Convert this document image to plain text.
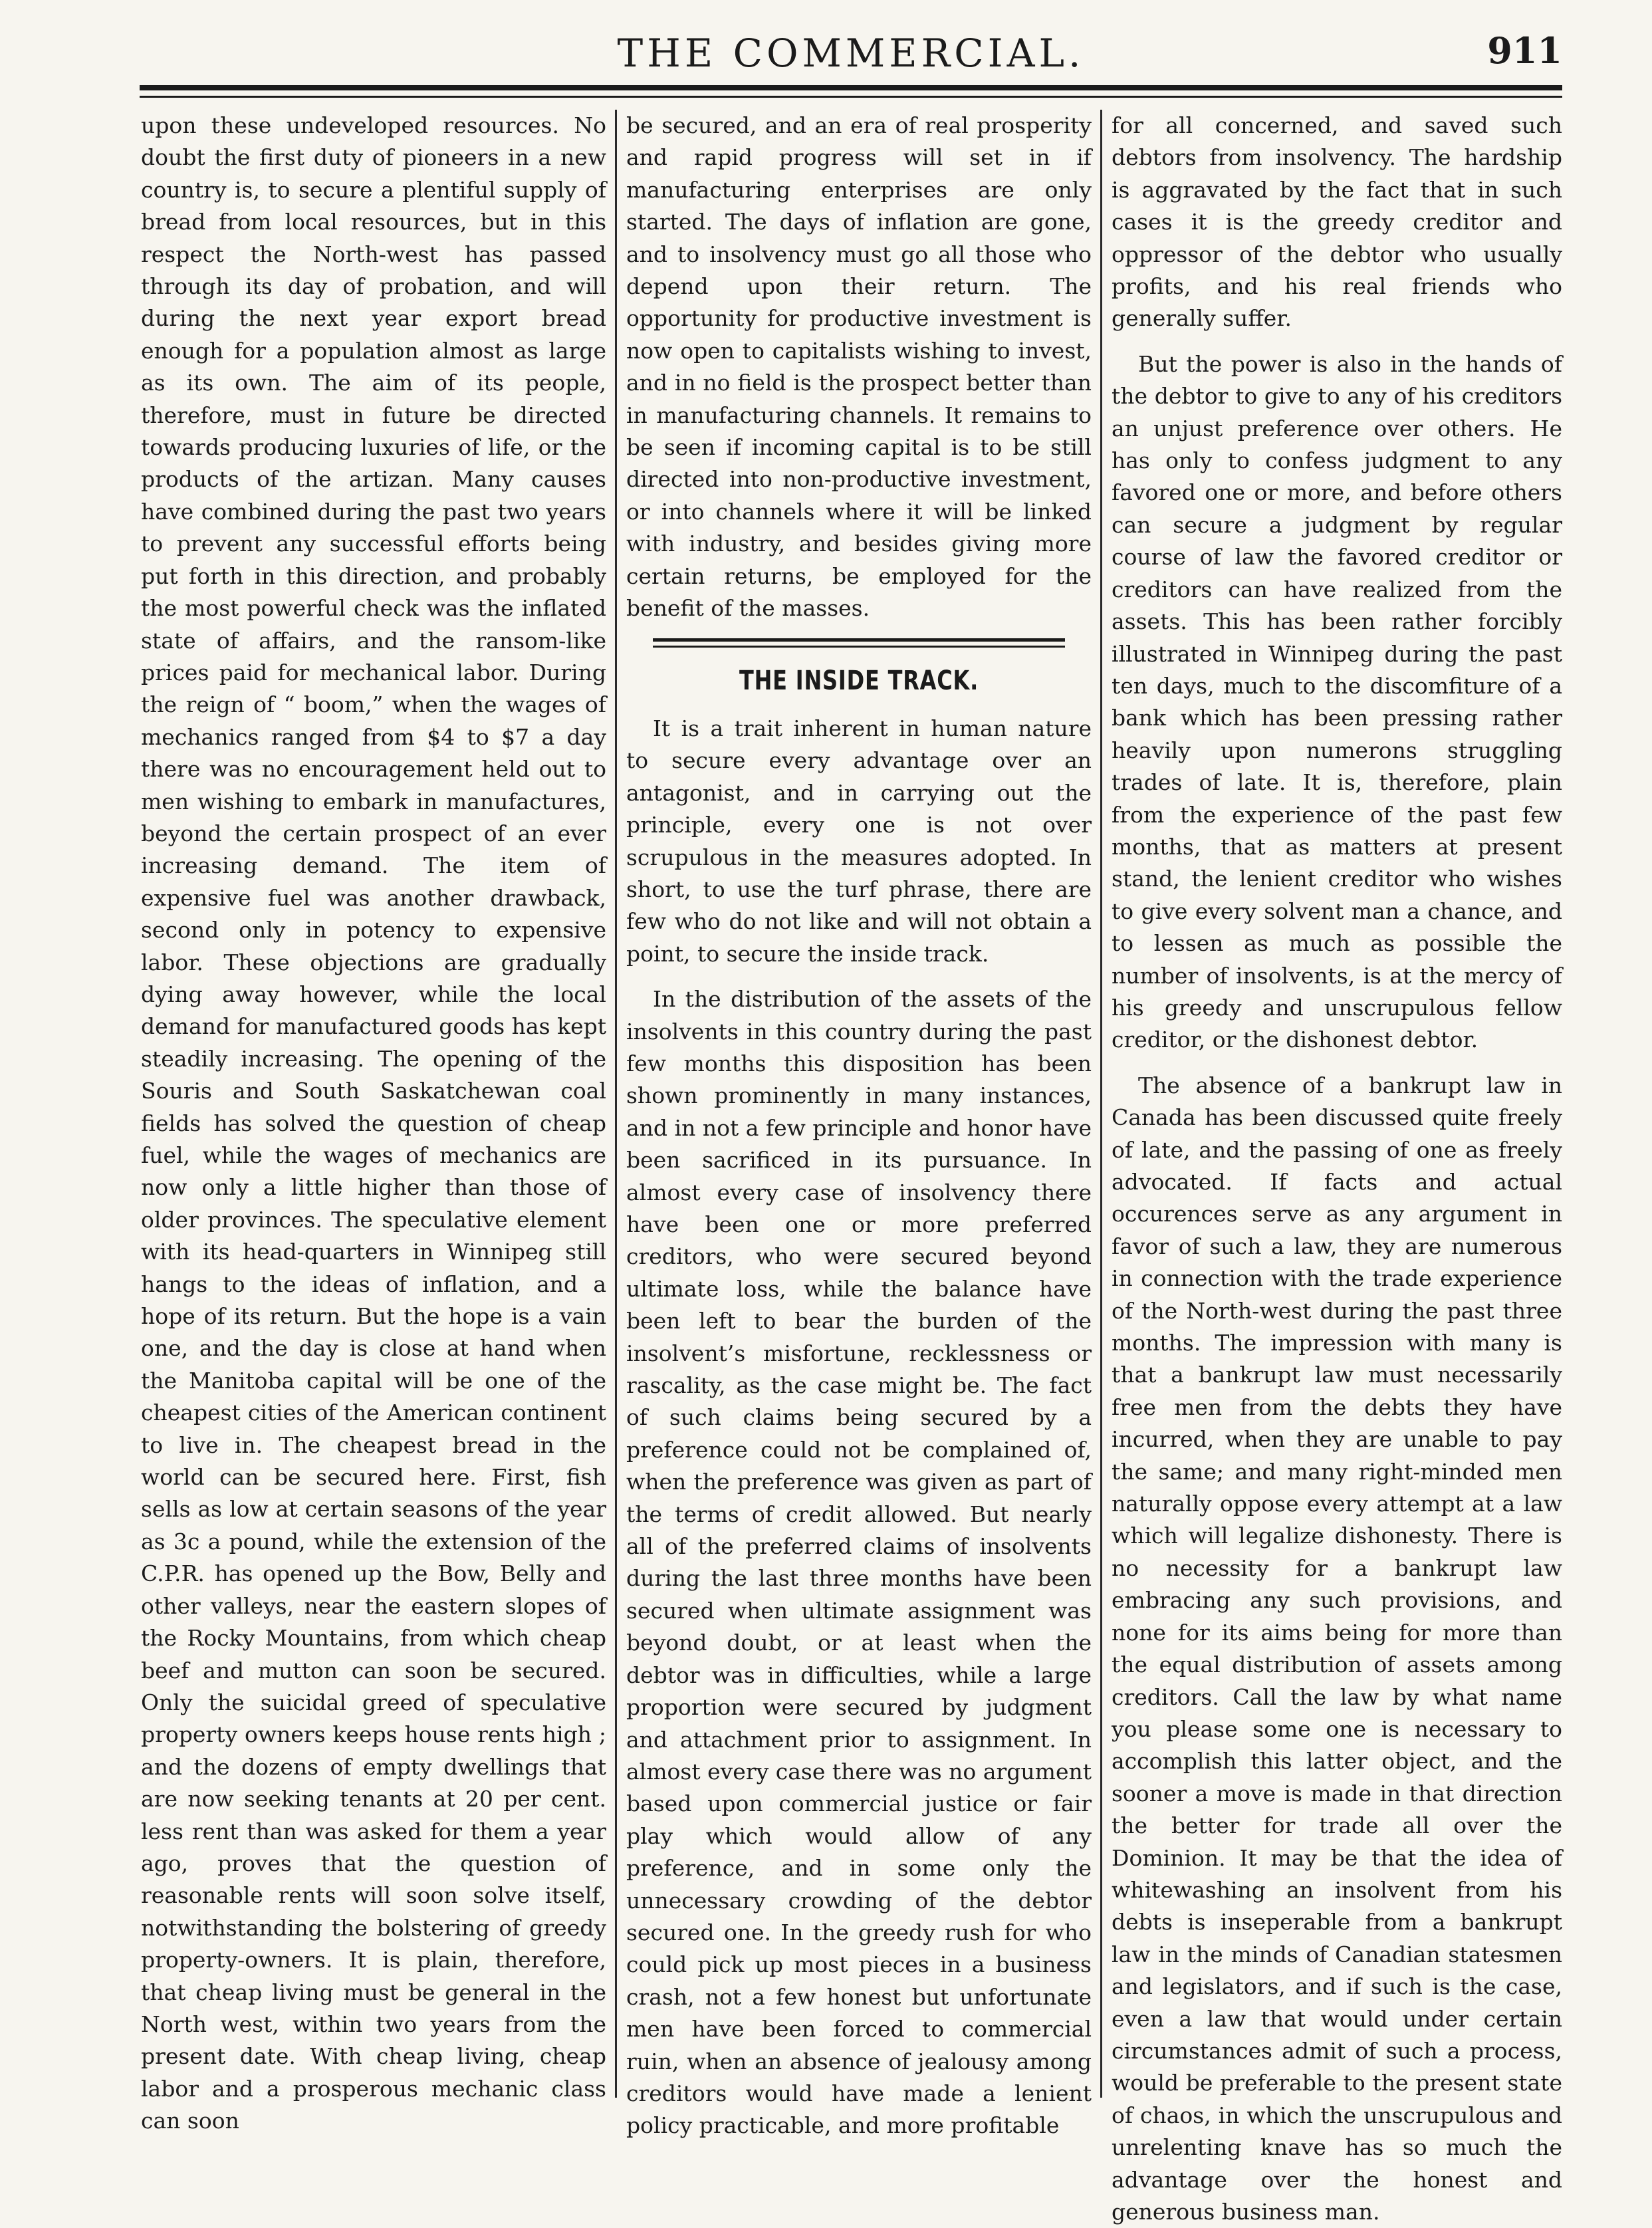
THE COMMERCIAL.	911

upon these undeveloped resources. No doubt the first duty of pioneers in a new country is, to secure a plentiful supply of bread from local resources, but in this respect the North-west has passed through its day of probation, and will during the next year export bread enough for a population almost as large as its own. The aim of its people, therefore, must in future be directed towards producing luxuries of life, or the products of the artizan. Many causes have combined during the past two years to prevent any successful efforts being put forth in this direction, and probably the most powerful check was the inflated state of affairs, and the ransom-like prices paid for mechanical labor. During the reign of “ boom,” when the wages of mechanics ranged from $4 to $7 a day there was no encouragement held out to men wishing to embark in manufactures, beyond the certain prospect of an ever increasing demand. The item of expensive fuel was another drawback, second only in potency to expensive labor. These objections are gradually dying away however, while the local demand for manufactured goods has kept steadily increasing. The opening of the Souris and South Saskatchewan coal fields has solved the question of cheap fuel, while the wages of mechanics are now only a little higher than those of older provinces. The speculative element with its head-quarters in Winnipeg still hangs to the ideas of inflation, and a hope of its return. But the hope is a vain one, and the day is close at hand when the Manitoba capital will be one of the cheapest cities of the American continent to live in. The cheapest bread in the world can be secured here. First, fish sells as low at certain seasons of the year as 3c a pound, while the extension of the C.P.R. has opened up the Bow, Belly and other valleys, near the eastern slopes of the Rocky Mountains, from which cheap beef and mutton can soon be secured. Only the suicidal greed of speculative property owners keeps house rents high ; and the dozens of empty dwellings that are now seeking tenants at 20 per cent. less rent than was asked for them a year ago, proves that the question of reasonable rents will soon solve itself, notwithstanding the bolstering of greedy property-owners. It is plain, therefore, that cheap living must be general in the North west, within two years from the present date. With cheap living, cheap labor and a prosperous mechanic class can soon

be secured, and an era of real prosperity and rapid progress will set in if manufacturing enterprises are only started. The days of inflation are gone, and to insolvency must go all those who depend upon their return. The opportunity for productive investment is now open to capitalists wishing to invest, and in no field is the prospect better than in manufacturing channels. It remains to be seen if incoming capital is to be still directed into non-productive investment, or into channels where it will be linked with industry, and besides giving more certain returns, be employed for the benefit of the masses.

THE INSIDE TRACK.

It is a trait inherent in human nature to secure every advantage over an antagonist, and in carrying out the principle, every one is not over scrupulous in the measures adopted. In short, to use the turf phrase, there are few who do not like and will not obtain a point, to secure the inside track.

In the distribution of the assets of the insolvents in this country during the past few months this disposition has been shown prominently in many instances, and in not a few principle and honor have been sacrificed in its pursuance. In almost every case of insolvency there have been one or more preferred creditors, who were secured beyond ultimate loss, while the balance have been left to bear the burden of the insolvent’s misfortune, recklessness or rascality, as the case might be. The fact of such claims being secured by a preference could not be complained of, when the preference was given as part of the terms of credit allowed. But nearly all of the preferred claims of insolvents during the last three months have been secured when ultimate assignment was beyond doubt, or at least when the debtor was in difficulties, while a large proportion were secured by judgment and attachment prior to assignment. In almost every case there was no argument based upon commercial justice or fair play which would allow of any preference, and in some only the unnecessary crowding of the debtor secured one. In the greedy rush for who could pick up most pieces in a business crash, not a few honest but unfortunate men have been forced to commercial ruin, when an absence of jealousy among creditors would have made a lenient policy practicable, and more profitable

for all concerned, and saved such debtors from insolvency. The hardship is aggravated by the fact that in such cases it is the greedy creditor and oppressor of the debtor who usually profits, and his real friends who generally suffer.

But the power is also in the hands of the debtor to give to any of his creditors an unjust preference over others. He has only to confess judgment to any favored one or more, and before others can secure a judgment by regular course of law the favored creditor or creditors can have realized from the assets. This has been rather forcibly illustrated in Winnipeg during the past ten days, much to the discomfiture of a bank which has been pressing rather heavily upon numerons struggling trades of late. It is, therefore, plain from the experience of the past few months, that as matters at present stand, the lenient creditor who wishes to give every solvent man a chance, and to lessen as much as possible the number of insolvents, is at the mercy of his greedy and unscrupulous fellow creditor, or the dishonest debtor.

The absence of a bankrupt law in Canada has been discussed quite freely of late, and the passing of one as freely advocated. If facts and actual occurences serve as any argument in favor of such a law, they are numerous in connection with the trade experience of the North-west during the past three months. The impression with many is that a bankrupt law must necessarily free men from the debts they have incurred, when they are unable to pay the same; and many right-minded men naturally oppose every attempt at a law which will legalize dishonesty. There is no necessity for a bankrupt law embracing any such provisions, and none for its aims being for more than the equal distribution of assets among creditors. Call the law by what name you please some one is necessary to accomplish this latter object, and the sooner a move is made in that direction the better for trade all over the Dominion. It may be that the idea of whitewashing an insolvent from his debts is inseperable from a bankrupt law in the minds of Canadian statesmen and legislators, and if such is the case, even a law that would under certain circumstances admit of such a process, would be preferable to the present state of chaos, in which the unscrupulous and unrelenting knave has so much the advantage over the honest and generous business man.
